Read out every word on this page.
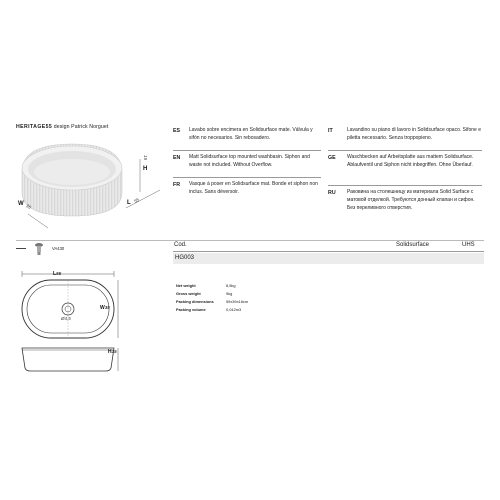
HERITAGE55 design Patrick Norguet
H
15
L 55
W 35
ES Lavabo sobre encimera en Solidsurface mate. Válvula y sifón no necesarios. Sin rebosadero.
EN Matt Solidsurface top mounted washbasin. Siphon and waste not included. Without Overflow.
FR Vasque à poser en Solidsurface mat. Bonde et siphon non inclus. Sans déversoir.
IT	Lavandino su piano di lavoro in Solidsurface opaco. Sifone e piletta necessario. Senza troppopieno.
GE Waschbecken auf Arbeitsplatte aus mattem Solidsurface. Ablaufventil und Siphon nicht inbegriffen. Ohne Überlauf.
RU Раковина на столешницу из материала Solid Surface с матовой отделкой. Требуются донный клапан и сифон. Без переливного отверстия.
VA430
Cod.	Solidsurface	UHS
HG003
Net weight	8,5kg
Gross weight	9kg
Packing dimensions	59x39x18cm
Packing volume	0,042m3
L55
W35
Ø4,5
H15
